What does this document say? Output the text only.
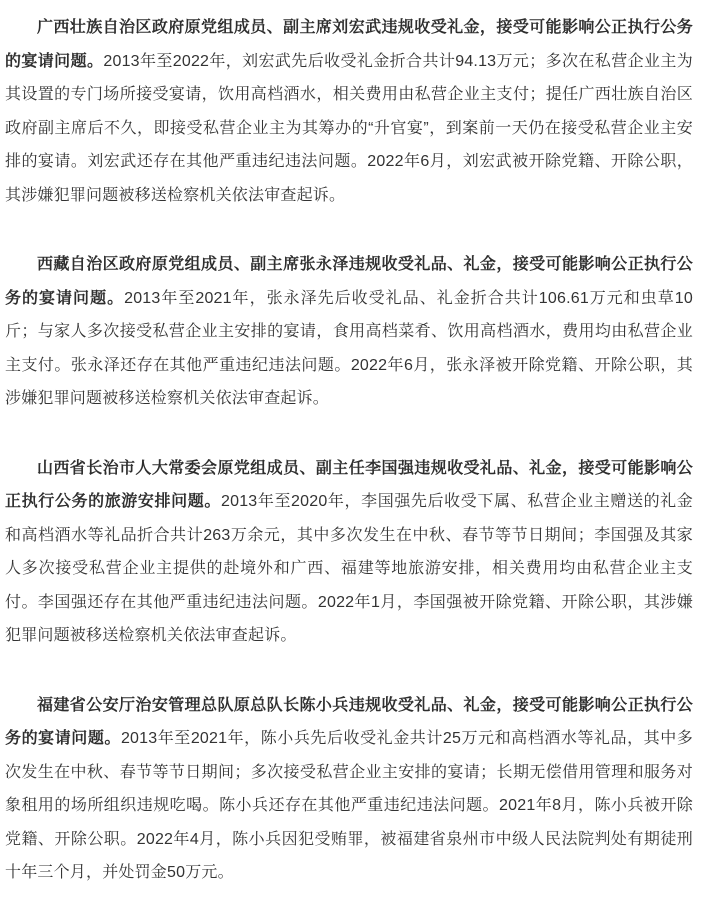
广西壮族自治区政府原党组成员、副主席刘宏武违规收受礼金，接受可能影响公正执行公务的宴请问题。2013年至2022年，刘宏武先后收受礼金折合共计94.13万元；多次在私营企业主为其设置的专门场所接受宴请，饮用高档酒水，相关费用由私营企业主支付；提任广西壮族自治区政府副主席后不久，即接受私营企业主为其筹办的“升官宴”，到案前一天仍在接受私营企业主安排的宴请。刘宏武还存在其他严重违纪违法问题。2022年6月，刘宏武被开除党籍、开除公职，其涉嫌犯罪问题被移送检察机关依法审查起诉。

西藏自治区政府原党组成员、副主席张永泽违规收受礼品、礼金，接受可能影响公正执行公务的宴请问题。2013年至2021年，张永泽先后收受礼品、礼金折合共计106.61万元和虫草10斤；与家人多次接受私营企业主安排的宴请，食用高档菜肴、饮用高档酒水，费用均由私营企业主支付。张永泽还存在其他严重违纪违法问题。2022年6月，张永泽被开除党籍、开除公职，其涉嫌犯罪问题被移送检察机关依法审查起诉。

山西省长治市人大常委会原党组成员、副主任李国强违规收受礼品、礼金，接受可能影响公正执行公务的旅游安排问题。2013年至2020年，李国强先后收受下属、私营企业主赠送的礼金和高档酒水等礼品折合共计263万余元，其中多次发生在中秋、春节等节日期间；李国强及其家人多次接受私营企业主提供的赴境外和广西、福建等地旅游安排，相关费用均由私营企业主支付。李国强还存在其他严重违纪违法问题。2022年1月，李国强被开除党籍、开除公职，其涉嫌犯罪问题被移送检察机关依法审查起诉。

福建省公安厅治安管理总队原总队长陈小兵违规收受礼品、礼金，接受可能影响公正执行公务的宴请问题。2013年至2021年，陈小兵先后收受礼金共计25万元和高档酒水等礼品，其中多次发生在中秋、春节等节日期间；多次接受私营企业主安排的宴请；长期无偿借用管理和服务对象租用的场所组织违规吃喝。陈小兵还存在其他严重违纪违法问题。2021年8月，陈小兵被开除党籍、开除公职。2022年4月，陈小兵因犯受贿罪，被福建省泉州市中级人民法院判处有期徒刑十年三个月，并处罚金50万元。
